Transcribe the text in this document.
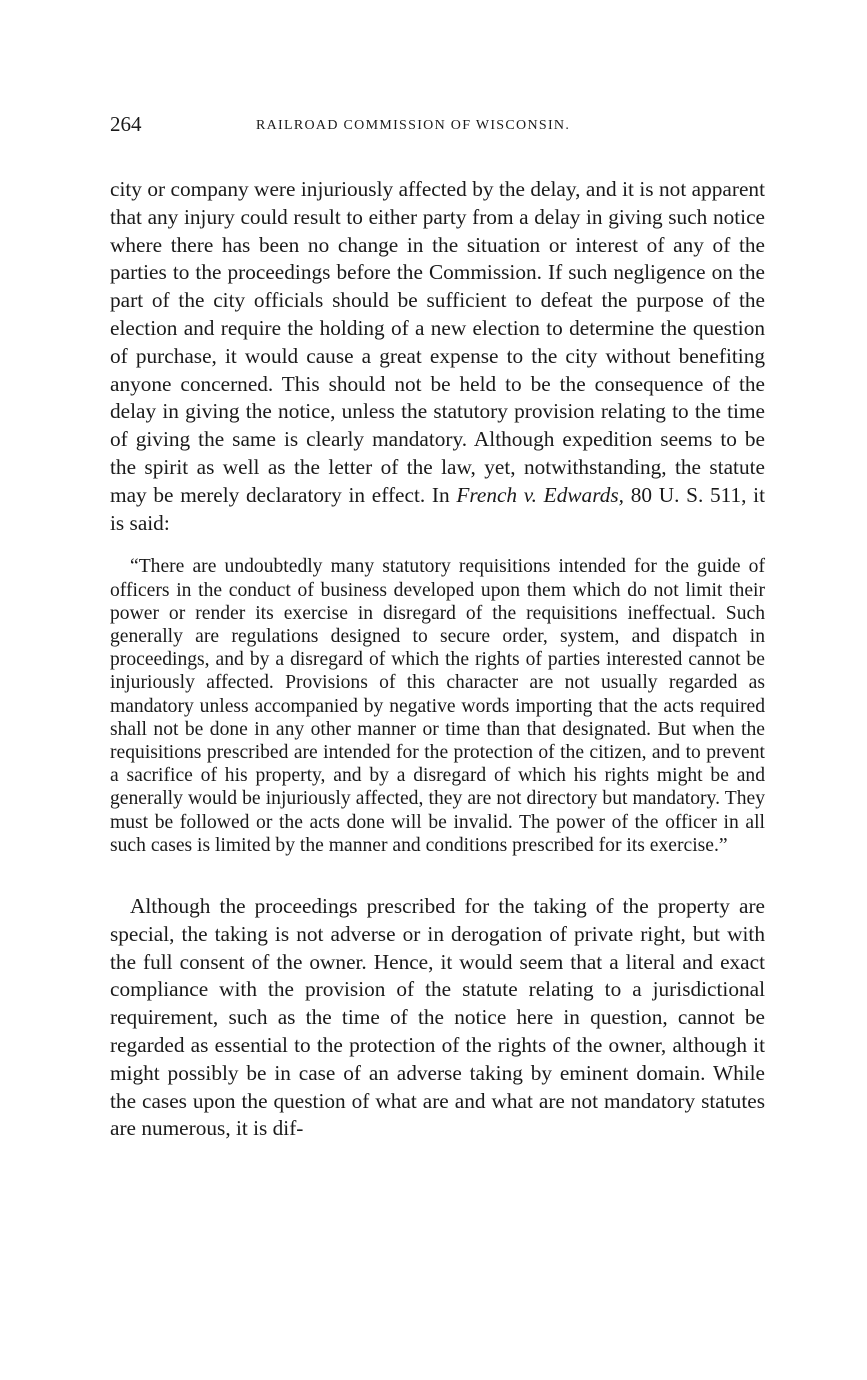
264	RAILROAD COMMISSION OF WISCONSIN.

city or company were injuriously affected by the delay, and it is not apparent that any injury could result to either party from a delay in giving such notice where there has been no change in the situation or interest of any of the parties to the proceedings before the Commission. If such negligence on the part of the city officials should be sufficient to defeat the purpose of the election and require the holding of a new election to determine the question of purchase, it would cause a great expense to the city without benefiting anyone concerned. This should not be held to be the consequence of the delay in giving the notice, unless the statutory provision relating to the time of giving the same is clearly mandatory. Although expedition seems to be the spirit as well as the letter of the law, yet, notwithstanding, the statute may be merely declaratory in effect. In French v. Edwards, 80 U. S. 511, it is said:

“There are undoubtedly many statutory requisitions intended for the guide of officers in the conduct of business developed upon them which do not limit their power or render its exercise in disregard of the requisitions ineffectual. Such generally are regulations designed to secure order, system, and dispatch in proceedings, and by a disregard of which the rights of parties interested cannot be injuriously affected. Provisions of this character are not usually regarded as mandatory unless accompanied by negative words importing that the acts required shall not be done in any other manner or time than that designated. But when the requisitions prescribed are intended for the protection of the citizen, and to prevent a sacrifice of his property, and by a disregard of which his rights might be and generally would be injuriously affected, they are not directory but mandatory. They must be followed or the acts done will be invalid. The power of the officer in all such cases is limited by the manner and conditions prescribed for its exercise.”

Although the proceedings prescribed for the taking of the property are special, the taking is not adverse or in derogation of private right, but with the full consent of the owner. Hence, it would seem that a literal and exact compliance with the provision of the statute relating to a jurisdictional requirement, such as the time of the notice here in question, cannot be regarded as essential to the protection of the rights of the owner, although it might possibly be in case of an adverse taking by eminent domain. While the cases upon the question of what are and what are not mandatory statutes are numerous, it is dif-
